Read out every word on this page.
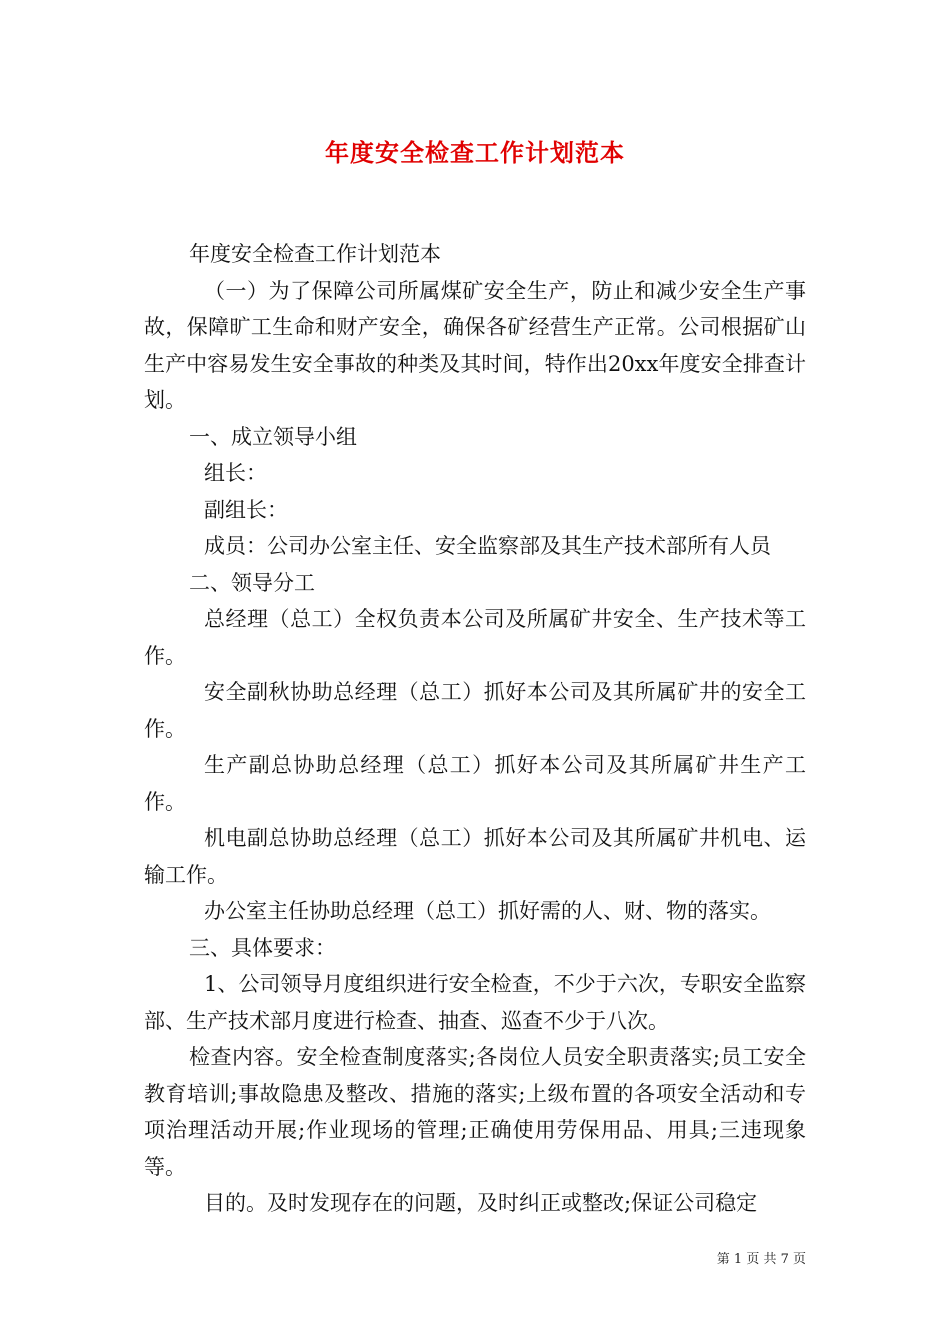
年度安全检查工作计划范本

年度安全检查工作计划范本

（一）为了保障公司所属煤矿安全生产，防止和减少安全生产事故，保障旷工生命和财产安全，确保各矿经营生产正常。公司根据矿山生产中容易发生安全事故的种类及其时间，特作出20xx年度安全排查计划。

一、成立领导小组

组长：

副组长：

成员：公司办公室主任、安全监察部及其生产技术部所有人员

二、领导分工

总经理（总工）全权负责本公司及所属矿井安全、生产技术等工作。

安全副秋协助总经理（总工）抓好本公司及其所属矿井的安全工作。

生产副总协助总经理（总工）抓好本公司及其所属矿井生产工作。

机电副总协助总经理（总工）抓好本公司及其所属矿井机电、运输工作。

办公室主任协助总经理（总工）抓好需的人、财、物的落实。

三、具体要求：

1、公司领导月度组织进行安全检查，不少于六次，专职安全监察部、生产技术部月度进行检查、抽查、巡查不少于八次。

检查内容。安全检查制度落实;各岗位人员安全职责落实;员工安全教育培训;事故隐患及整改、措施的落实;上级布置的各项安全活动和专项治理活动开展;作业现场的管理;正确使用劳保用品、用具;三违现象等。

目的。及时发现存在的问题，及时纠正或整改;保证公司稳定

第 1 页 共 7 页
